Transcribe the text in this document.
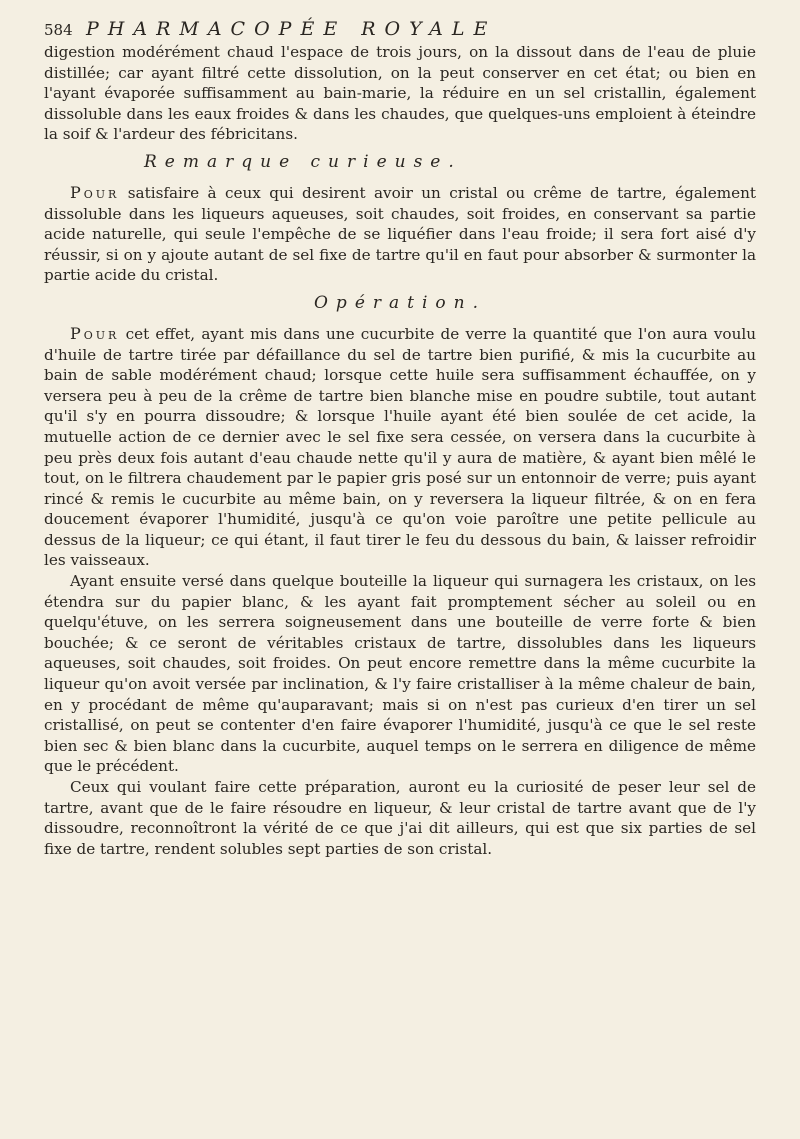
584 PHARMACOPÉE ROYALE

digestion modérément chaud l'espace de trois jours, on la dissout dans de l'eau de pluie distillée; car ayant filtré cette dissolution, on la peut conserver en cet état; ou bien en l'ayant évaporée suffisamment au bain-marie, la réduire en un sel cristallin, également dissoluble dans les eaux froides & dans les chaudes, que quelques-uns emploient à éteindre la soif & l'ardeur des fébricitans.

Remarque curieuse.

Pour satisfaire à ceux qui desirent avoir un cristal ou crême de tartre, également dissoluble dans les liqueurs aqueuses, soit chaudes, soit froides, en conservant sa partie acide naturelle, qui seule l'empêche de se liquéfier dans l'eau froide; il sera fort aisé d'y réussir, si on y ajoute autant de sel fixe de tartre qu'il en faut pour absorber & surmonter la partie acide du cristal.

Opération.

Pour cet effet, ayant mis dans une cucurbite de verre la quantité que l'on aura voulu d'huile de tartre tirée par défaillance du sel de tartre bien purifié, & mis la cucurbite au bain de sable modérément chaud; lorsque cette huile sera suffisamment échauffée, on y versera peu à peu de la crême de tartre bien blanche mise en poudre subtile, tout autant qu'il s'y en pourra dissoudre; & lorsque l'huile ayant été bien soulée de cet acide, la mutuelle action de ce dernier avec le sel fixe sera cessée, on versera dans la cucurbite à peu près deux fois autant d'eau chaude nette qu'il y aura de matière, & ayant bien mêlé le tout, on le filtrera chaudement par le papier gris posé sur un entonnoir de verre; puis ayant rincé & remis le cucurbite au même bain, on y reversera la liqueur filtrée, & on en fera doucement évaporer l'humidité, jusqu'à ce qu'on voie paroître une petite pellicule au dessus de la liqueur; ce qui étant, il faut tirer le feu du dessous du bain, & laisser refroidir les vaisseaux.

Ayant ensuite versé dans quelque bouteille la liqueur qui surnagera les cristaux, on les étendra sur du papier blanc, & les ayant fait promptement sécher au soleil ou en quelqu'étuve, on les serrera soigneusement dans une bouteille de verre forte & bien bouchée; & ce seront de véritables cristaux de tartre, dissolubles dans les liqueurs aqueuses, soit chaudes, soit froides. On peut encore remettre dans la même cucurbite la liqueur qu'on avoit versée par inclination, & l'y faire cristalliser à la même chaleur de bain, en y procédant de même qu'auparavant; mais si on n'est pas curieux d'en tirer un sel cristallisé, on peut se contenter d'en faire évaporer l'humidité, jusqu'à ce que le sel reste bien sec & bien blanc dans la cucurbite, auquel temps on le serrera en diligence de même que le précédent.

Ceux qui voulant faire cette préparation, auront eu la curiosité de peser leur sel de tartre, avant que de le faire résoudre en liqueur, & leur cristal de tartre avant que de l'y dissoudre, reconnoîtront la vérité de ce que j'ai dit ailleurs, qui est que six parties de sel fixe de tartre, rendent solubles sept parties de son cristal.
